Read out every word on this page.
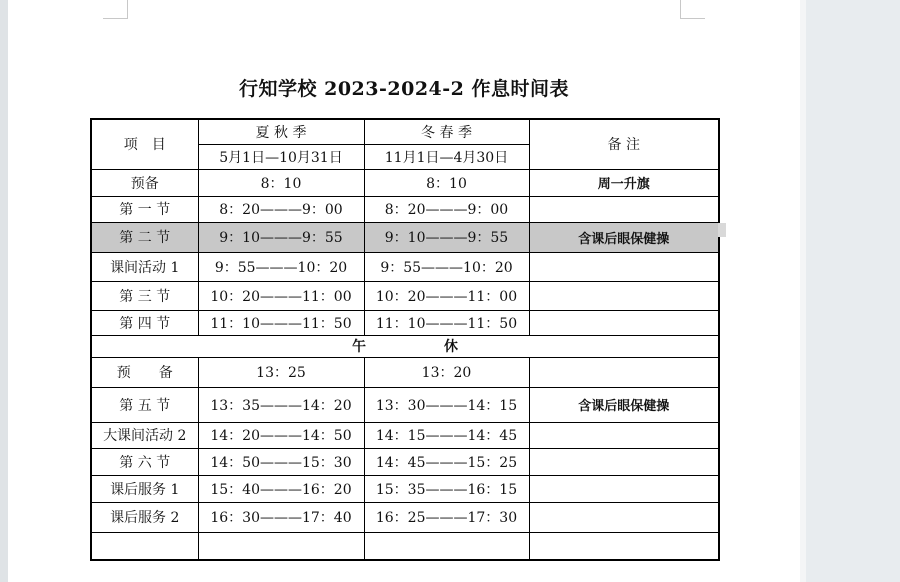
行知学校 2023-2024-2 作息时间表
项　目	夏 秋 季	冬 春 季	备 注
	5月1日—10月31日	11月1日—4月30日	
预备	8：10	8：10	周一升旗
第 一 节	8：20———9：00	8：20———9：00	
第 二 节	9：10———9：55	9：10———9：55	含课后眼保健操
课间活动 1	9：55———10：20	9：55———10：20	
第 三 节	10：20———11：00	10：20———11：00	
第 四 节	11：10———11：50	11：10———11：50	
午 休			
预　　备	13：25	13：20	
第 五 节	13：35———14：20	13：30———14：15	含课后眼保健操
大课间活动 2	14：20———14：50	14：15———14：45	
第 六 节	14：50———15：30	14：45———15：25	
课后服务 1	15：40———16：20	15：35———16：15	
课后服务 2	16：30———17：40	16：25———17：30	
